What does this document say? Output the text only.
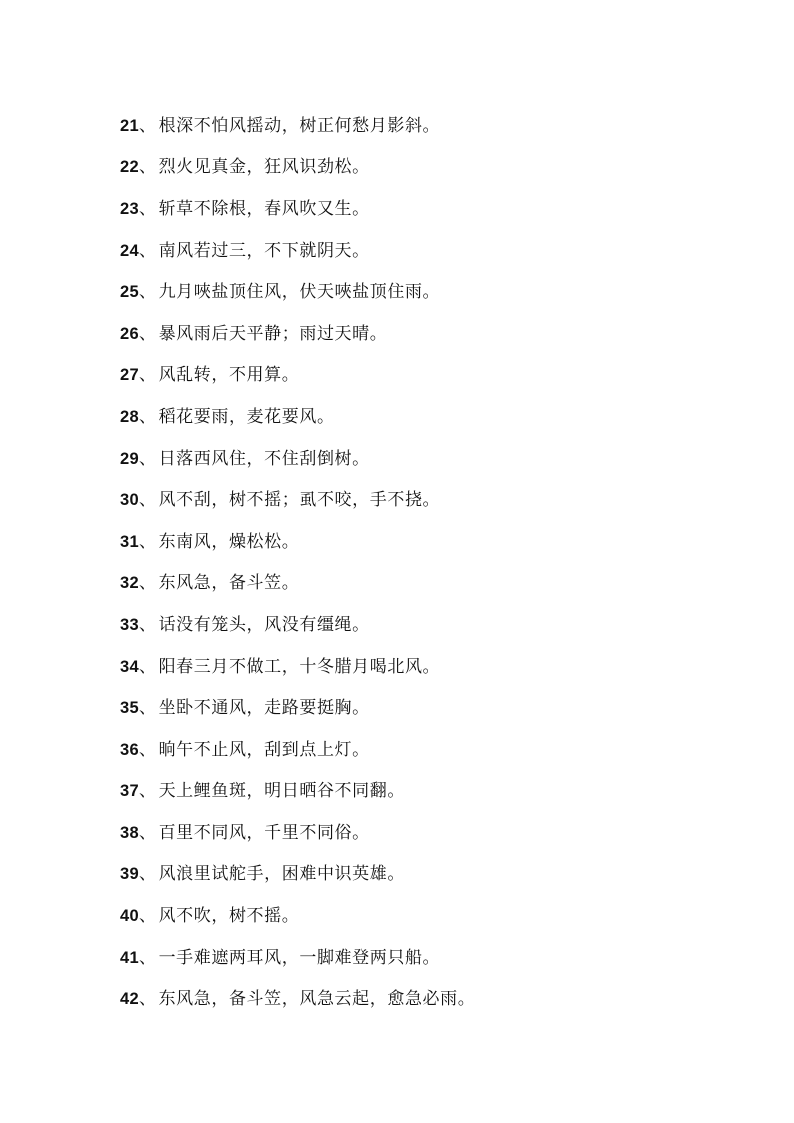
21 、 根深不怕风摇动，树正何愁月影斜。
22 、 烈火见真金，狂风识劲松。
23 、 斩草不除根，春风吹又生。
24 、 南风若过三，不下就阴天。
25 、 九月唊盐顶住风，伏天唊盐顶住雨。
26 、 暴风雨后天平静；雨过天晴。
27 、 风乱转，不用算。
28 、 稻花要雨，麦花要风。
29 、 日落西风住，不住刮倒树。
30 、 风不刮，树不摇；虱不咬，手不挠。
31 、 东南风，燥松松。
32 、 东风急，备斗笠。
33 、 话没有笼头，风没有缰绳。
34 、 阳春三月不做工，十冬腊月喝北风。
35 、 坐卧不通风，走路要挺胸。
36 、 晌午不止风，刮到点上灯。
37 、 天上鲤鱼斑，明日晒谷不同翻。
38 、 百里不同风，千里不同俗。
39 、 风浪里试舵手，困难中识英雄。
40 、 风不吹，树不摇。
41 、 一手难遮两耳风，一脚难登两只船。
42 、 东风急，备斗笠，风急云起，愈急必雨。
